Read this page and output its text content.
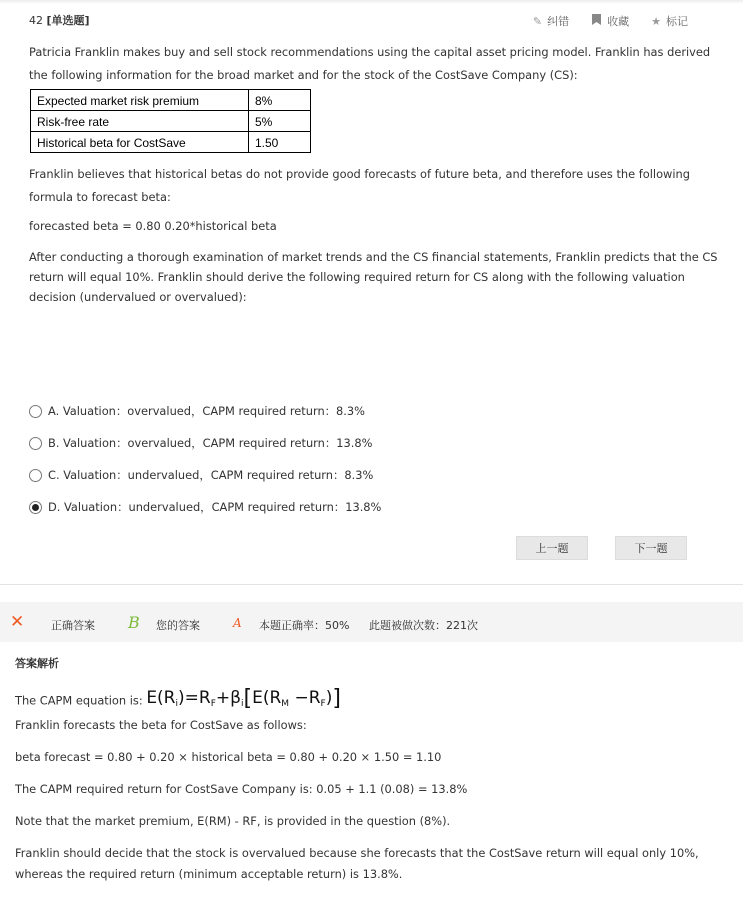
42 [单选题]	✎ 纠错	收藏 ★ 标记
Patricia Franklin makes buy and sell stock recommendations using the capital asset pricing model. Franklin has derived the following information for the broad market and for the stock of the CostSave Company (CS):
Expected market risk premium	8%
Risk-free rate	5%
Historical beta for CostSave	1.50
Franklin believes that historical betas do not provide good forecasts of future beta, and therefore uses the following formula to forecast beta:
forecasted beta = 0.80 0.20*historical beta
After conducting a thorough examination of market trends and the CS financial statements, Franklin predicts that the CS return will equal 10%. Franklin should derive the following required return for CS along with the following valuation decision (undervalued or overvalued):
A. Valuation：overvalued，CAPM required return：8.3%
B. Valuation：overvalued，CAPM required return：13.8%
C. Valuation：undervalued，CAPM required return：8.3%
D. Valuation：undervalued，CAPM required return：13.8%
上一题	下一题
✕ 正确答案 B 您的答案	A 本题正确率：50% 此题被做次数：221次
答案解析
The CAPM equation is: $E(R_i)=R_F+\beta_i[E(R_M -R_F)]$
Franklin forecasts the beta for CostSave as follows:
beta forecast = 0.80 + 0.20 × historical beta = 0.80 + 0.20 × 1.50 = 1.10
The CAPM required return for CostSave Company is: 0.05 + 1.1 (0.08) = 13.8%
Note that the market premium, E(RM) - RF, is provided in the question (8%).
Franklin should decide that the stock is overvalued because she forecasts that the CostSave return will equal only 10%, whereas the required return (minimum acceptable return) is 13.8%.
